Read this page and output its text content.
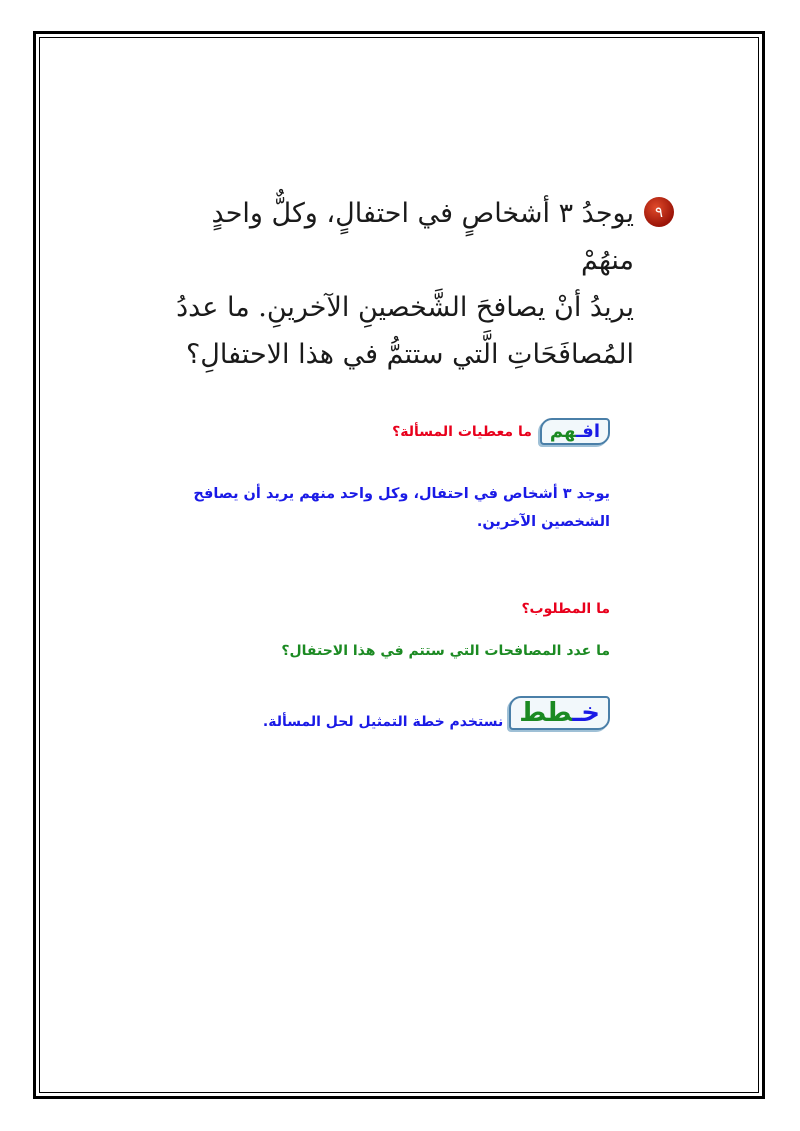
٩
يوجدُ ٣ أشخاصٍ في احتفالٍ، وكلٌّ واحدٍ منهُمْ
يريدُ أنْ يصافحَ الشَّخصينِ الآخرينِ. ما عددُ
المُصافَحَاتِ الَّتي ستتمُّ في هذا الاحتفالِ؟
افـهم
ما معطيات المسألة؟
يوجد ٣ أشخاص في احتفال، وكل واحد منهم يريد أن يصافح الشخصين الآخرين.
ما المطلوب؟
ما عدد المصافحات التي ستتم في هذا الاحتفال؟
خـطط
نستخدم خطة التمثيل لحل المسألة.
